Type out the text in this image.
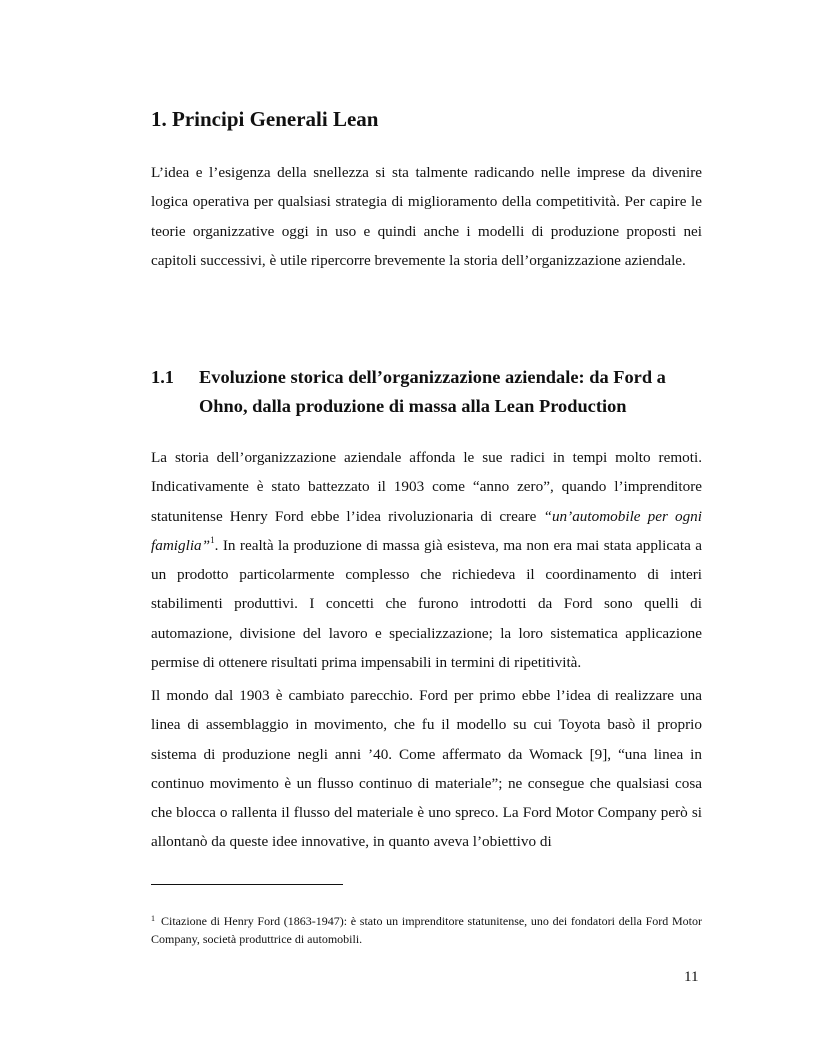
1. Principi Generali Lean

L’idea e l’esigenza della snellezza si sta talmente radicando nelle imprese da divenire logica operativa per qualsiasi strategia di miglioramento della competitività. Per capire le teorie organizzative oggi in uso e quindi anche i modelli di produzione proposti nei capitoli successivi, è utile ripercorre brevemente la storia dell’organizzazione aziendale.

1.1 Evoluzione storica dell’organizzazione aziendale: da Ford a Ohno, dalla produzione di massa alla Lean Production

La storia dell’organizzazione aziendale affonda le sue radici in tempi molto remoti. Indicativamente è stato battezzato il 1903 come “anno zero”, quando l’imprenditore statunitense Henry Ford ebbe l’idea rivoluzionaria di creare “un’automobile per ogni famiglia”$^1$. In realtà la produzione di massa già esisteva, ma non era mai stata applicata a un prodotto particolarmente complesso che richiedeva il coordinamento di interi stabilimenti produttivi. I concetti che furono introdotti da Ford sono quelli di automazione, divisione del lavoro e specializzazione; la loro sistematica applicazione permise di ottenere risultati prima impensabili in termini di ripetitività.

Il mondo dal 1903 è cambiato parecchio. Ford per primo ebbe l’idea di realizzare una linea di assemblaggio in movimento, che fu il modello su cui Toyota basò il proprio sistema di produzione negli anni ’40. Come affermato da Womack [9], “una linea in continuo movimento è un flusso continuo di materiale”; ne consegue che qualsiasi cosa che blocca o rallenta il flusso del materiale è uno spreco. La Ford Motor Company però si allontanò da queste idee innovative, in quanto aveva l’obiettivo di

$^1$ Citazione di Henry Ford (1863-1947): è stato un imprenditore statunitense, uno dei fondatori della Ford Motor Company, società produttrice di automobili.

11
